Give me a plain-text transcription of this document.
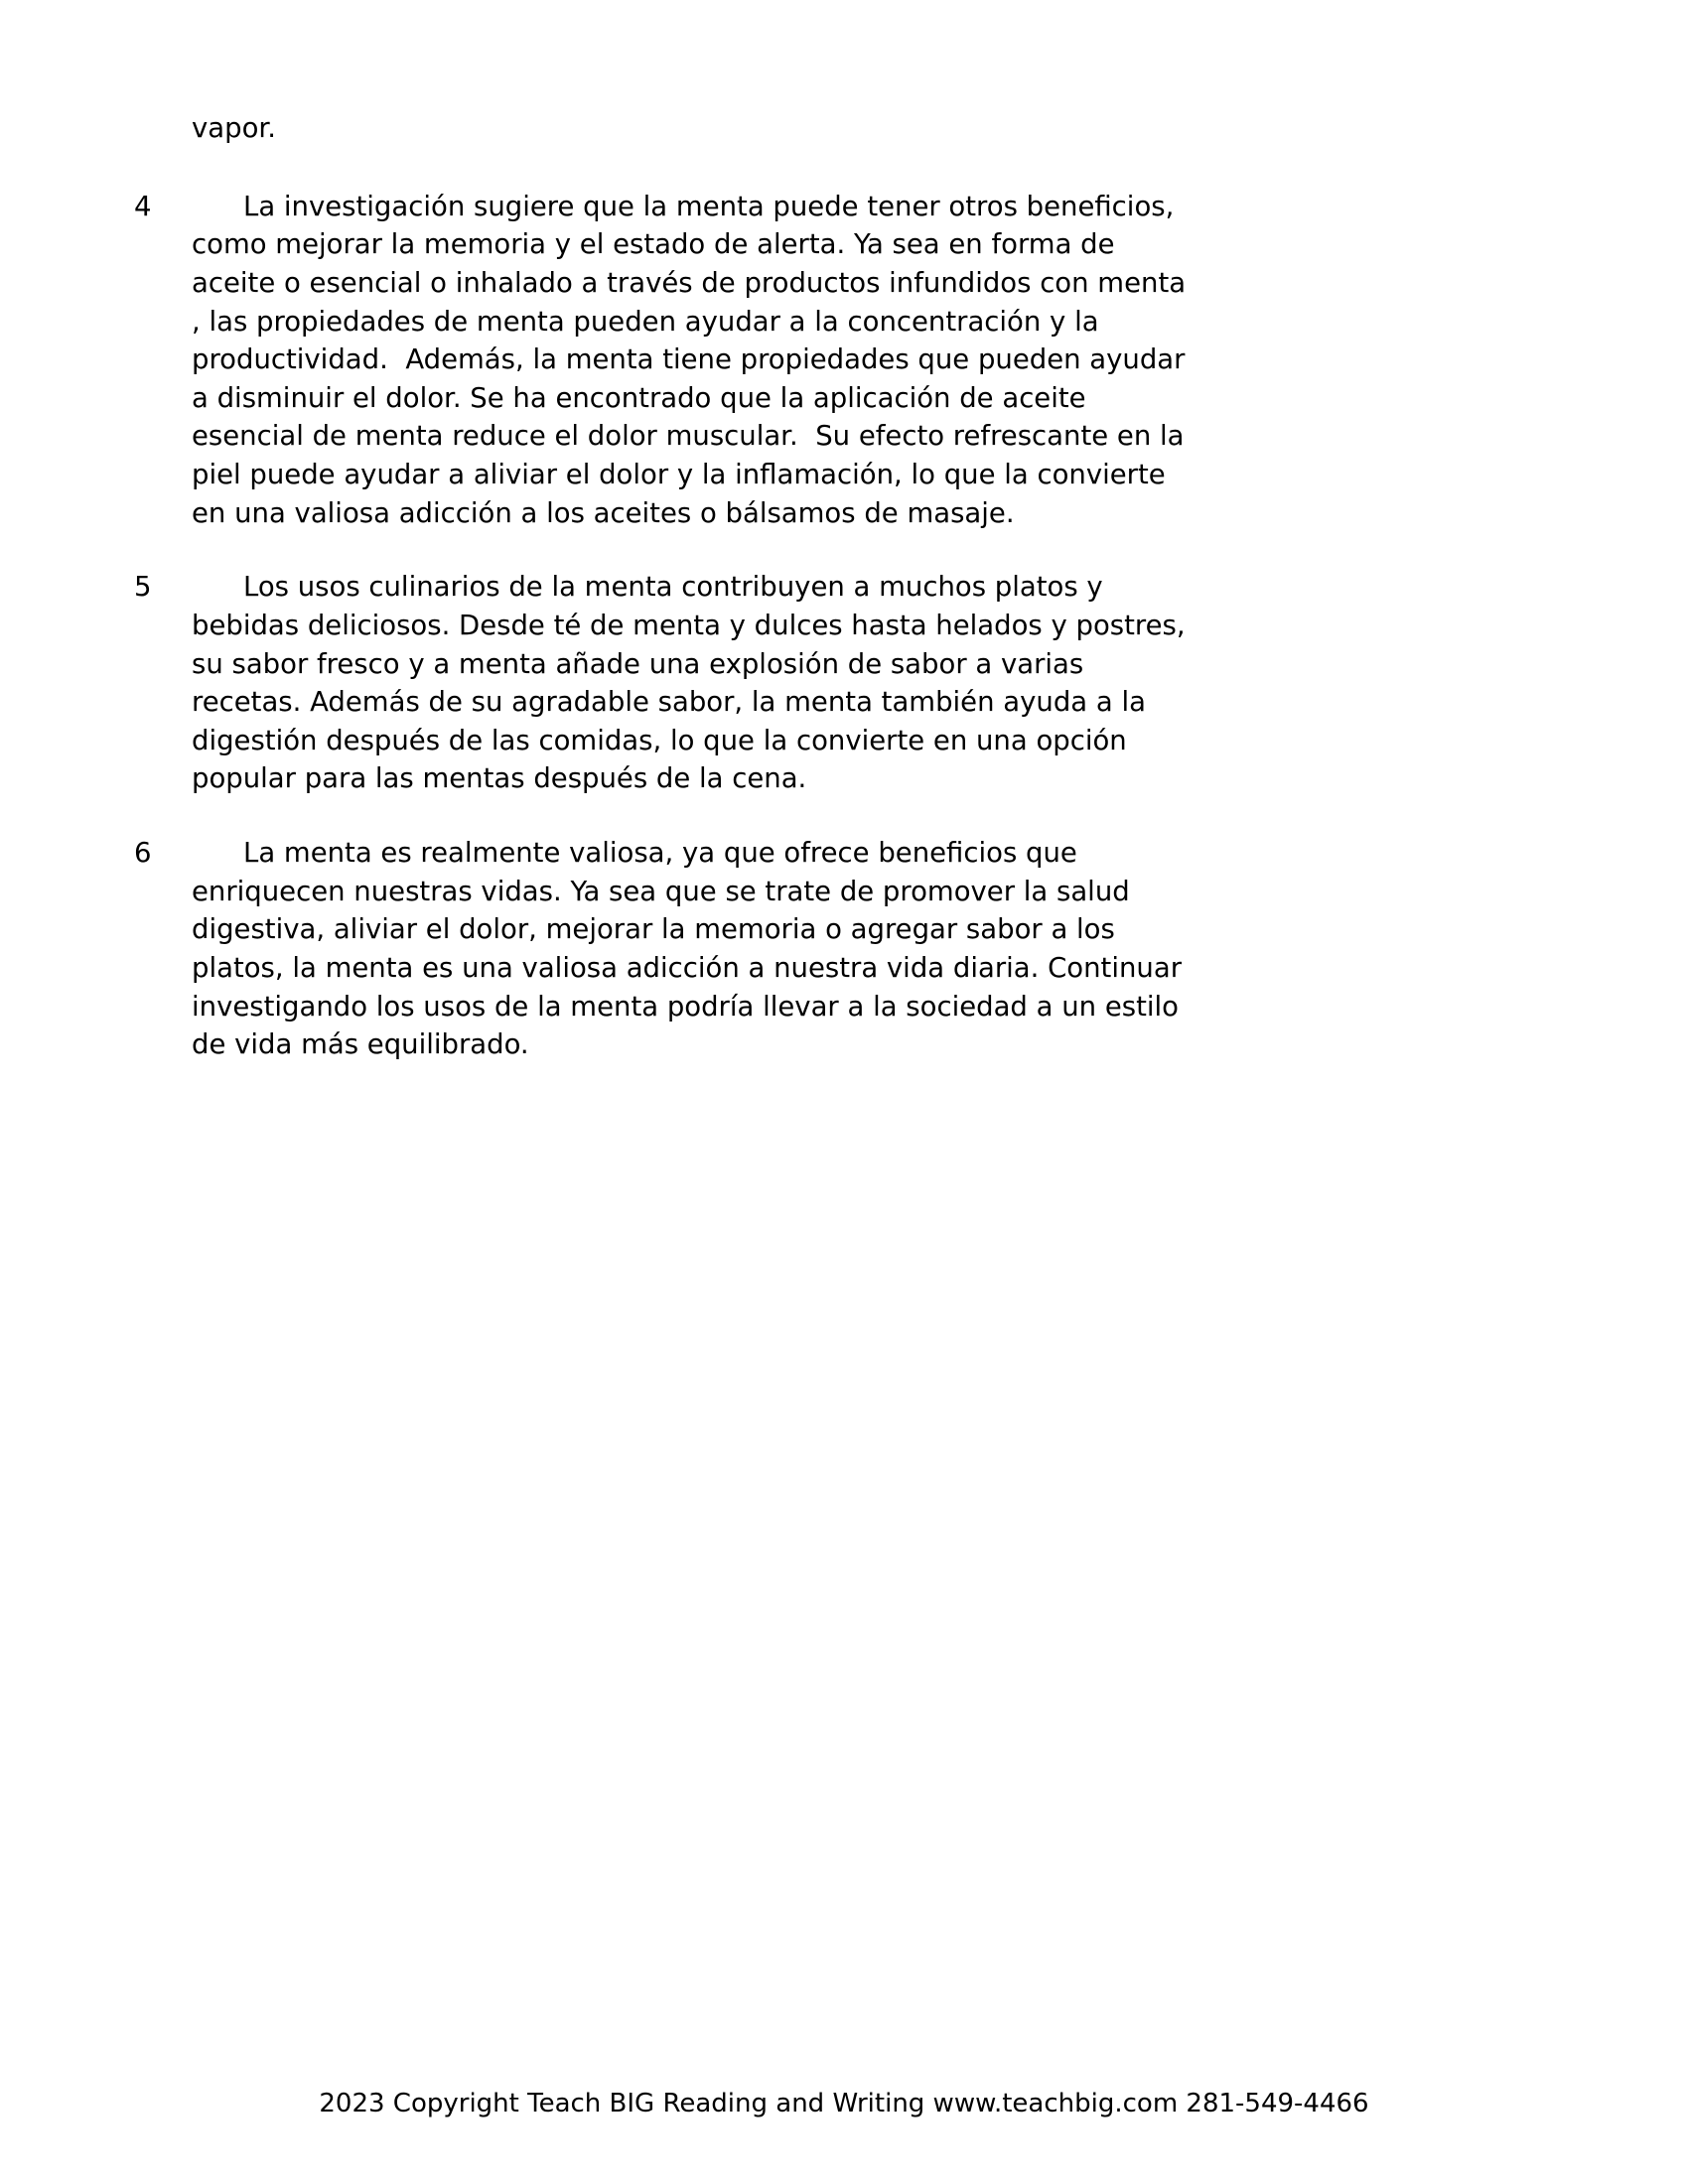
vapor.
4	La investigación sugiere que la menta puede tener otros beneficios, como mejorar la memoria y el estado de alerta. Ya sea en forma de aceite o esencial o inhalado a través de productos infundidos con menta , las propiedades de menta pueden ayudar a la concentración y la productividad.  Además, la menta tiene propiedades que pueden ayudar a disminuir el dolor. Se ha encontrado que la aplicación de aceite esencial de menta reduce el dolor muscular.  Su efecto refrescante en la piel puede ayudar a aliviar el dolor y la inflamación, lo que la convierte en una valiosa adicción a los aceites o bálsamos de masaje.
5	Los usos culinarios de la menta contribuyen a muchos platos y bebidas deliciosos. Desde té de menta y dulces hasta helados y postres, su sabor fresco y a menta añade una explosión de sabor a varias recetas. Además de su agradable sabor, la menta también ayuda a la digestión después de las comidas, lo que la convierte en una opción popular para las mentas después de la cena.
6	La menta es realmente valiosa, ya que ofrece beneficios que enriquecen nuestras vidas. Ya sea que se trate de promover la salud digestiva, aliviar el dolor, mejorar la memoria o agregar sabor a los platos, la menta es una valiosa adicción a nuestra vida diaria. Continuar investigando los usos de la menta podría llevar a la sociedad a un estilo de vida más equilibrado.
2023 Copyright Teach BIG Reading and Writing www.teachbig.com 281-549-4466
